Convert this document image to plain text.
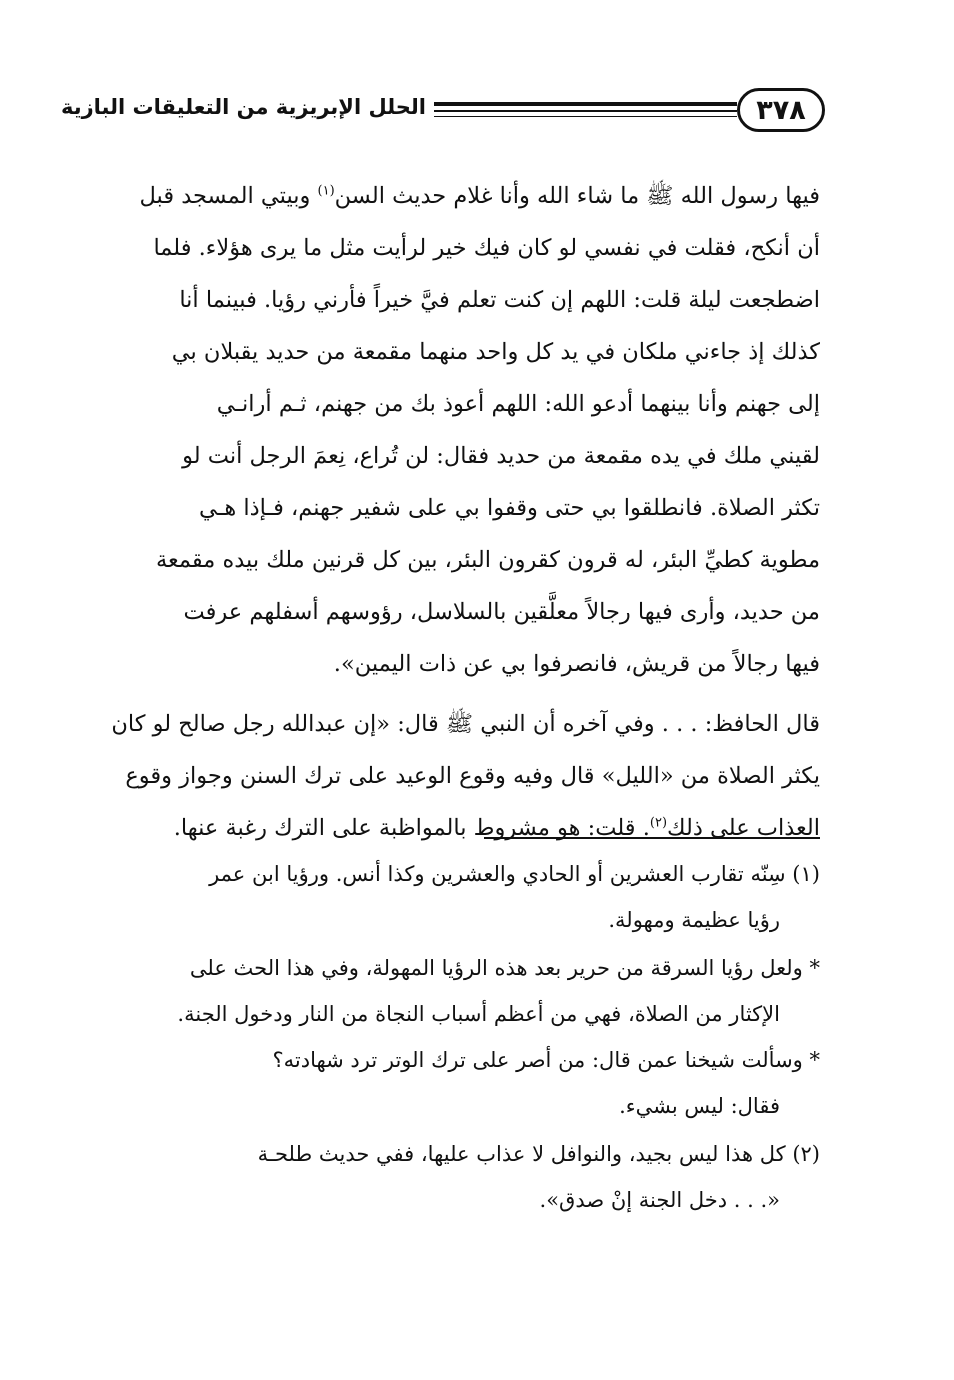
٣٧٨
الحلل الإبريزية من التعليقات البازية
فيها رسول الله ﷺ ما شاء الله وأنا غلام حديث السن$^{(١)}$ وبيتي المسجد قبل
أن أنكح، فقلت في نفسي لو كان فيك خير لرأيت مثل ما يرى هؤلاء. فلما
اضطجعت ليلة قلت: اللهم إن كنت تعلم فيَّ خيراً فأرني رؤيا. فبينما أنا
كذلك إذ جاءني ملكان في يد كل واحد منهما مقمعة من حديد يقبلان بي
إلى جهنم وأنا بينهما أدعو الله: اللهم أعوذ بك من جهنم، ثـم أرانـي
لقيني ملك في يده مقمعة من حديد فقال: لن تُراع، نِعمَ الرجل أنت لو
تكثر الصلاة. فانطلقوا بي حتى وقفوا بي على شفير جهنم، فـإذا هـي
مطوية كطيِّ البئر، له قرون كقرون البئر، بين كل قرنين ملك بيده مقمعة
من حديد، وأرى فيها رجالاً معلَّقين بالسلاسل، رؤوسهم أسفلهم عرفت
فيها رجالاً من قريش، فانصرفوا بي عن ذات اليمين».
قال الحافظ: . . . وفي آخره أن النبي ﷺ قال: «إن عبدالله رجل صالح لو كان
يكثر الصلاة من «الليل» قال وفيه وقوع الوعيد على ترك السنن وجواز وقوع
العذاب على ذلك$^{(٢)}$. قلت: هو مشروط بالمواظبة على الترك رغبة عنها.
(١) سِنّه تقارب العشرين أو الحادي والعشرين وكذا أنس. ورؤيا ابن عمر
رؤيا عظيمة ومهولة.
* ولعل رؤيا السرقة من حرير بعد هذه الرؤيا المهولة، وفي هذا الحث على
الإكثار من الصلاة، فهي من أعظم أسباب النجاة من النار ودخول الجنة.
* وسألت شيخنا عمن قال: من أصر على ترك الوتر ترد شهادته؟
فقال: ليس بشيء.
(٢) كل هذا ليس بجيد، والنوافل لا عذاب عليها، ففي حديث طلحـة
«. . . دخل الجنة إنْ صدق».
